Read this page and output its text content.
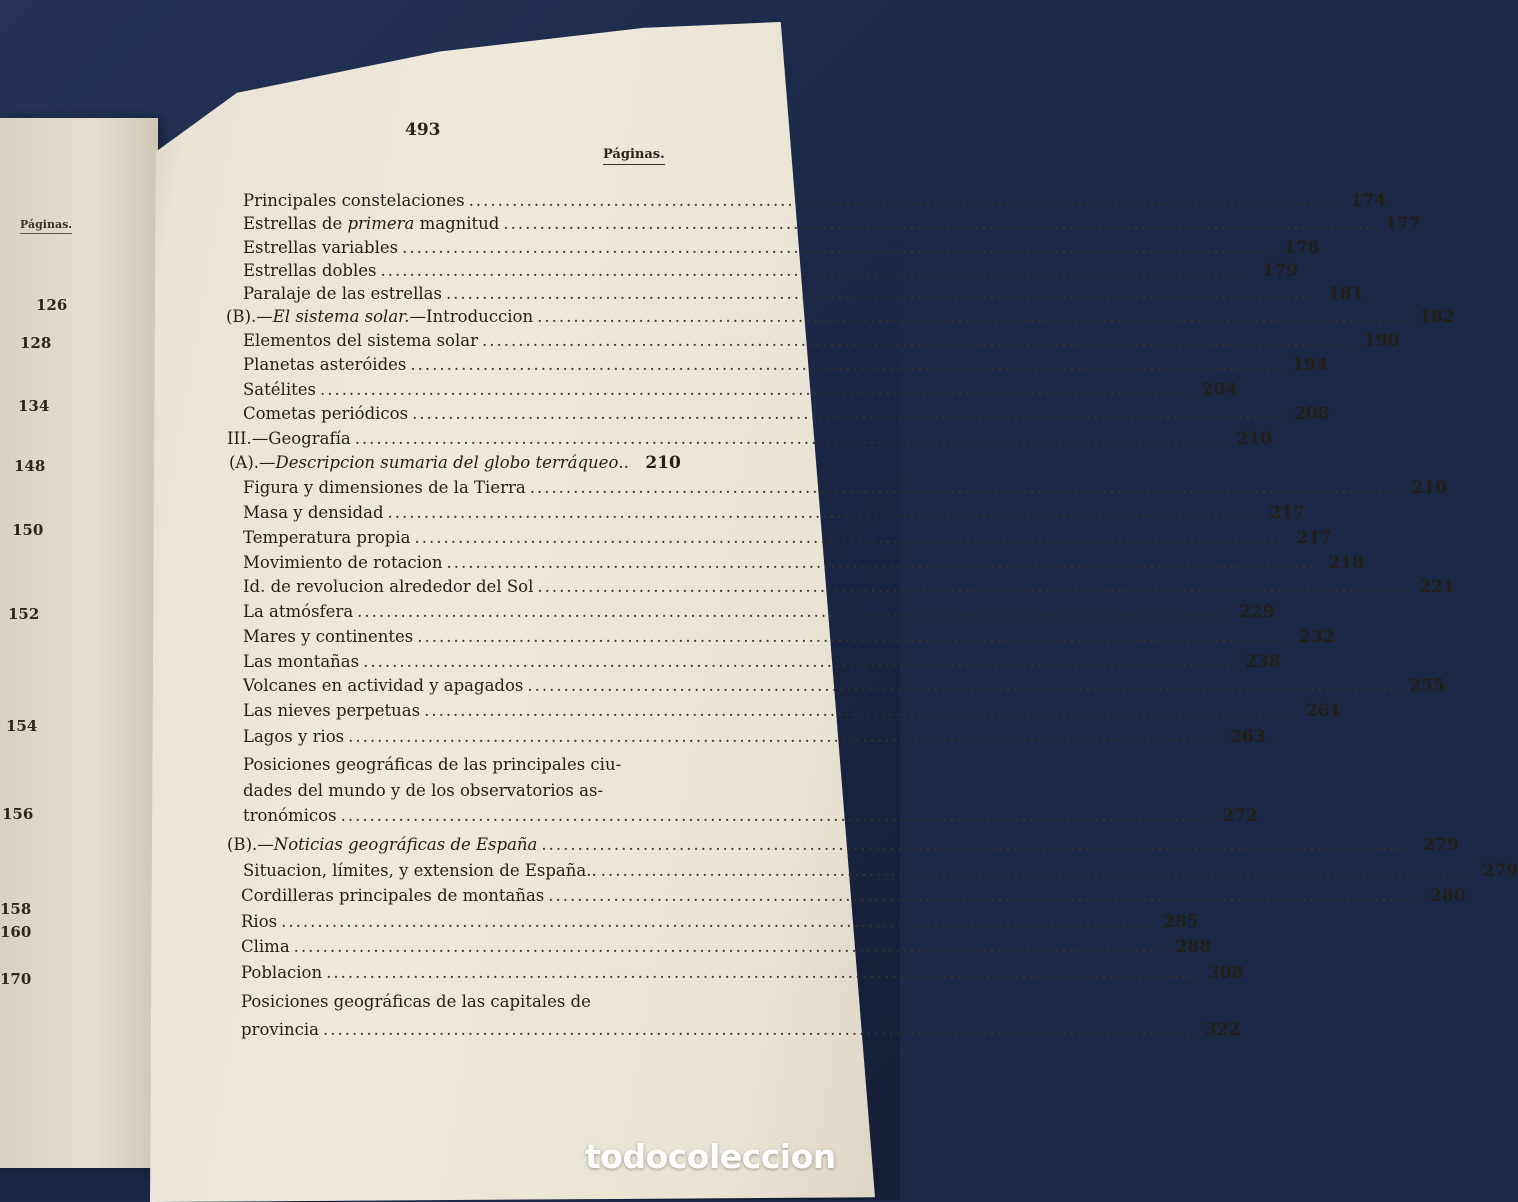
Páginas.
126
128
134
148
150
152
154
156
158
160
170
493
Páginas.
Principales constelaciones ........................................................................................................................ 174
Estrellas de primera magnitud ........................................................................................................................ 177
Estrellas variables ........................................................................................................................ 178
Estrellas dobles ........................................................................................................................ 179
Paralaje de las estrellas ........................................................................................................................ 181
(B).—El sistema solar.—Introduccion ........................................................................................................................ 182
Elementos del sistema solar ........................................................................................................................ 190
Planetas asteróides ........................................................................................................................ 194
Satélites ........................................................................................................................ 204
Cometas periódicos ........................................................................................................................ 208
III.—Geografía ........................................................................................................................ 210
(A).—Descripcion sumaria del globo terráqueo.. 210
Figura y dimensiones de la Tierra ........................................................................................................................ 210
Masa y densidad ........................................................................................................................ 217
Temperatura propia ........................................................................................................................ 217
Movimiento de rotacion ........................................................................................................................ 218
Id. de revolucion alrededor del Sol ........................................................................................................................ 221
La atmósfera ........................................................................................................................ 229
Mares y continentes ........................................................................................................................ 232
Las montañas ........................................................................................................................ 238
Volcanes en actividad y apagados ........................................................................................................................ 255
Las nieves perpetuas ........................................................................................................................ 261
Lagos y rios ........................................................................................................................ 263
Posiciones geográficas de las principales ciu-
dades del mundo y de los observatorios as-
tronómicos ........................................................................................................................ 272
(B).—Noticias geográficas de España ........................................................................................................................ 279
Situacion, límites, y extension de España.. ........................................................................................................................ 279
Cordilleras principales de montañas ........................................................................................................................ 280
Rios ........................................................................................................................ 285
Clima ........................................................................................................................ 288
Poblacion ........................................................................................................................ 308
Posiciones geográficas de las capitales de
provincia ........................................................................................................................ 322
todocoleccion
